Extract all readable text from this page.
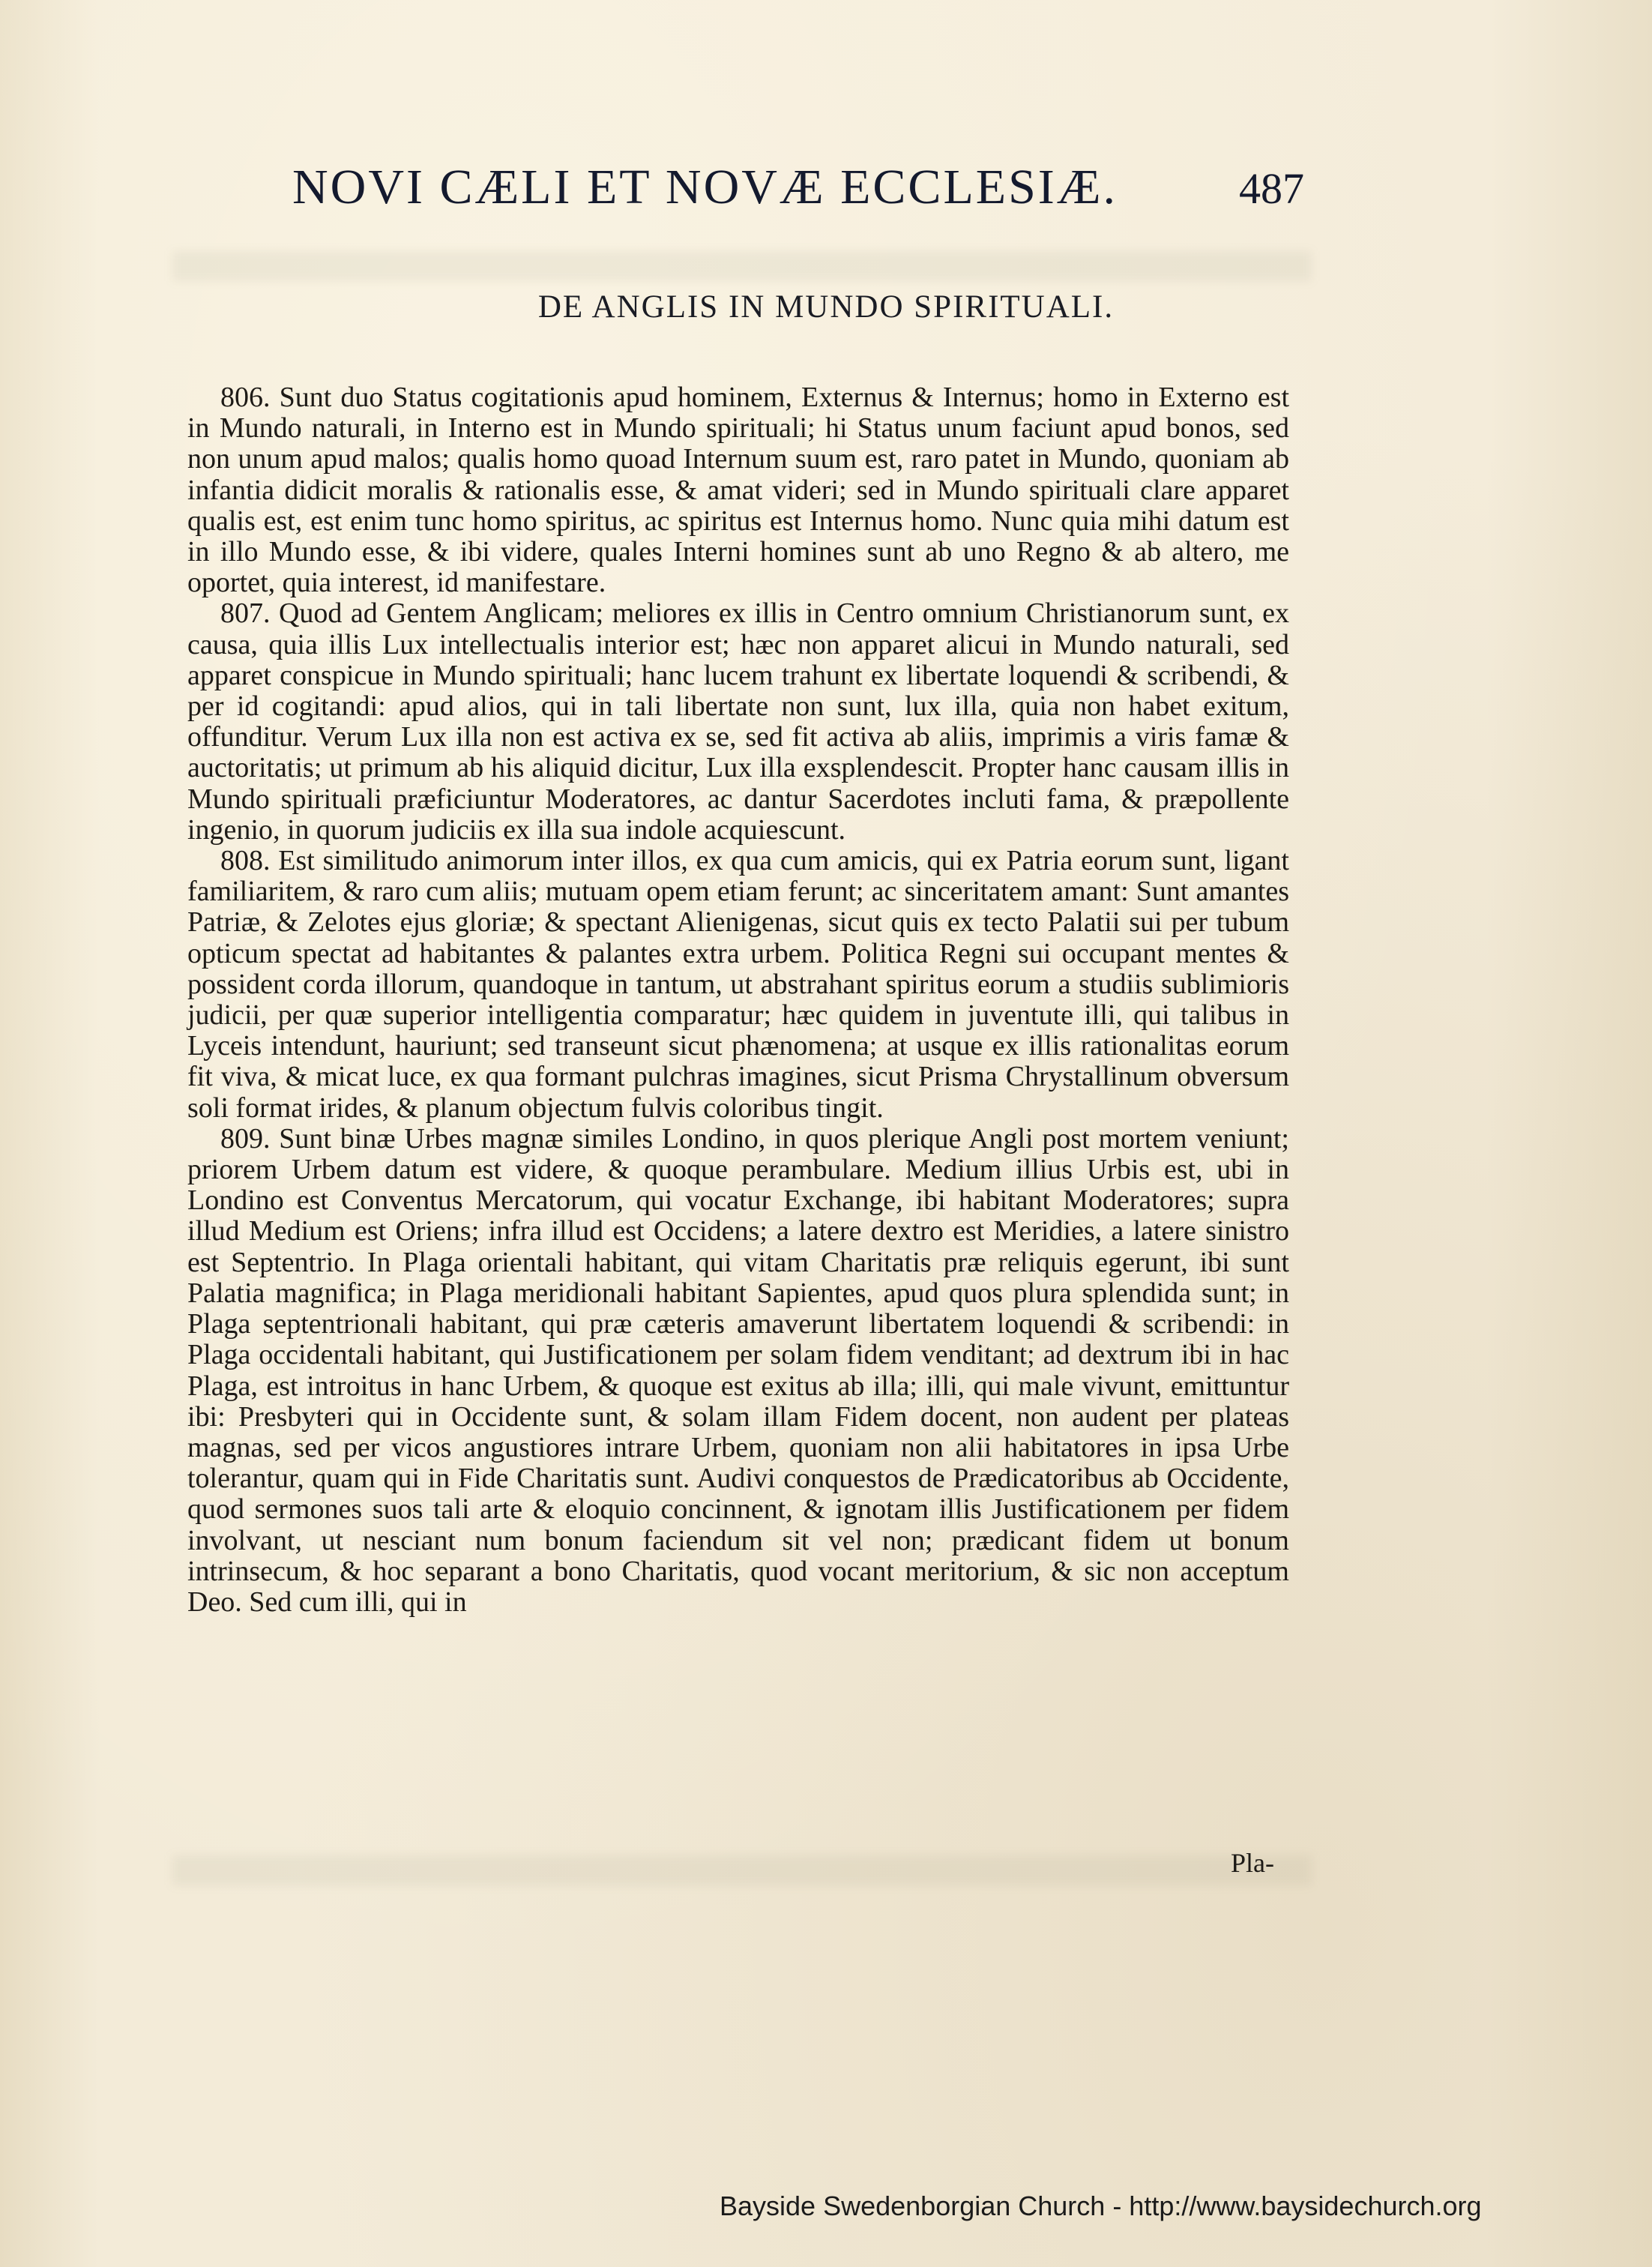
NOVI CÆLI ET NOVÆ ECCLESIÆ.	487
DE ANGLIS IN MUNDO SPIRITUALI.

806. Sunt duo Status cogitationis apud hominem, Externus & Internus; homo in Externo est in Mundo naturali, in Interno est in Mundo spirituali; hi Status unum faciunt apud bonos, sed non unum apud malos; qualis homo quoad Internum suum est, raro patet in Mundo, quoniam ab infantia didicit moralis & rationalis esse, & amat videri; sed in Mundo spirituali clare apparet qualis est, est enim tunc homo spiritus, ac spiritus est Internus homo. Nunc quia mihi datum est in illo Mundo esse, & ibi videre, quales Interni homines sunt ab uno Regno & ab altero, me oportet, quia interest, id manifestare.

807. Quod ad Gentem Anglicam; meliores ex illis in Centro omnium Christianorum sunt, ex causa, quia illis Lux intellectualis interior est; hæc non apparet alicui in Mundo naturali, sed apparet conspicue in Mundo spirituali; hanc lucem trahunt ex libertate loquendi & scribendi, & per id cogitandi: apud alios, qui in tali libertate non sunt, lux illa, quia non habet exitum, offunditur. Verum Lux illa non est activa ex se, sed fit activa ab aliis, imprimis a viris famæ & auctoritatis; ut primum ab his aliquid dicitur, Lux illa exsplendescit. Propter hanc causam illis in Mundo spirituali præficiuntur Moderatores, ac dantur Sacerdotes incluti fama, & præpollente ingenio, in quorum judiciis ex illa sua indole acquiescunt.

808. Est similitudo animorum inter illos, ex qua cum amicis, qui ex Patria eorum sunt, ligant familiaritem, & raro cum aliis; mutuam opem etiam ferunt; ac sinceritatem amant: Sunt amantes Patriæ, & Zelotes ejus gloriæ; & spectant Alienigenas, sicut quis ex tecto Palatii sui per tubum opticum spectat ad habitantes & palantes extra urbem. Politica Regni sui occupant mentes & possident corda illorum, quandoque in tantum, ut abstrahant spiritus eorum a studiis sublimioris judicii, per quæ superior intelligentia comparatur; hæc quidem in juventute illi, qui talibus in Lyceis intendunt, hauriunt; sed transeunt sicut phænomena; at usque ex illis rationalitas eorum fit viva, & micat luce, ex qua formant pulchras imagines, sicut Prisma Chrystallinum obversum soli format irides, & planum objectum fulvis coloribus tingit.

809. Sunt binæ Urbes magnæ similes Londino, in quos plerique Angli post mortem veniunt; priorem Urbem datum est videre, & quoque perambulare. Medium illius Urbis est, ubi in Londino est Conventus Mercatorum, qui vocatur Exchange, ibi habitant Moderatores; supra illud Medium est Oriens; infra illud est Occidens; a latere dextro est Meridies, a latere sinistro est Septentrio. In Plaga orientali habitant, qui vitam Charitatis præ reliquis egerunt, ibi sunt Palatia magnifica; in Plaga meridionali habitant Sapientes, apud quos plura splendida sunt; in Plaga septentrionali habitant, qui præ cæteris amaverunt libertatem loquendi & scribendi: in Plaga occidentali habitant, qui Justificationem per solam fidem venditant; ad dextrum ibi in hac Plaga, est introitus in hanc Urbem, & quoque est exitus ab illa; illi, qui male vivunt, emittuntur ibi: Presbyteri qui in Occidente sunt, & solam illam Fidem docent, non audent per plateas magnas, sed per vicos angustiores intrare Urbem, quoniam non alii habitatores in ipsa Urbe tolerantur, quam qui in Fide Charitatis sunt. Audivi conquestos de Prædicatoribus ab Occidente, quod sermones suos tali arte & eloquio concinnent, & ignotam illis Justificationem per fidem involvant, ut nesciant num bonum faciendum sit vel non; prædicant fidem ut bonum intrinsecum, & hoc separant a bono Charitatis, quod vocant meritorium, & sic non acceptum Deo. Sed cum illi, qui in

Pla-
Bayside Swedenborgian Church - http://www.baysidechurch.org
